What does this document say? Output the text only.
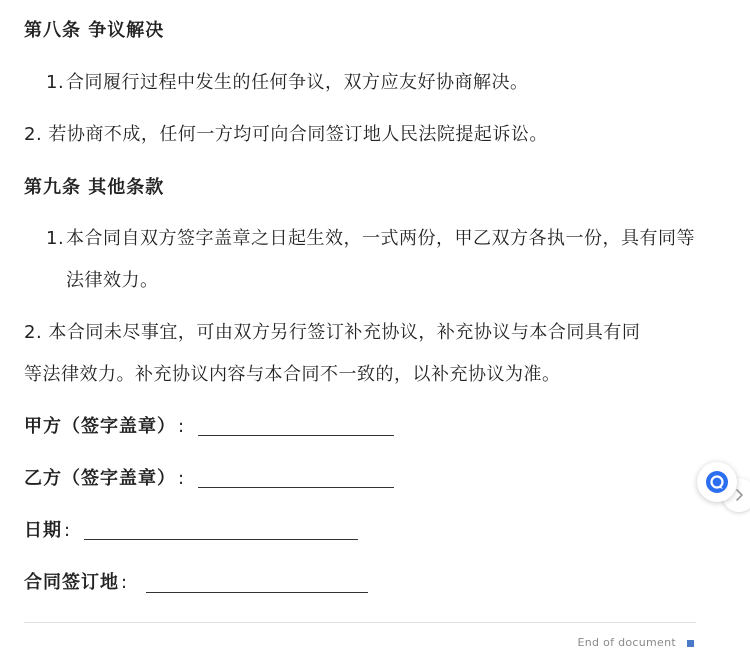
第八条 争议解决
1. 合同履行过程中发生的任何争议，双方应友好协商解决。
2. 若协商不成，任何一方均可向合同签订地人民法院提起诉讼。
第九条 其他条款
1. 本合同自双方签字盖章之日起生效，一式两份，甲乙双方各执一份，具有同等法律效力。
2. 本合同未尽事宜，可由双方另行签订补充协议，补充协议与本合同具有同
等法律效力。补充协议内容与本合同不一致的，以补充协议为准。
甲方（签字盖章） :
乙方（签字盖章） :
日期 :
合同签订地 :
End of document
